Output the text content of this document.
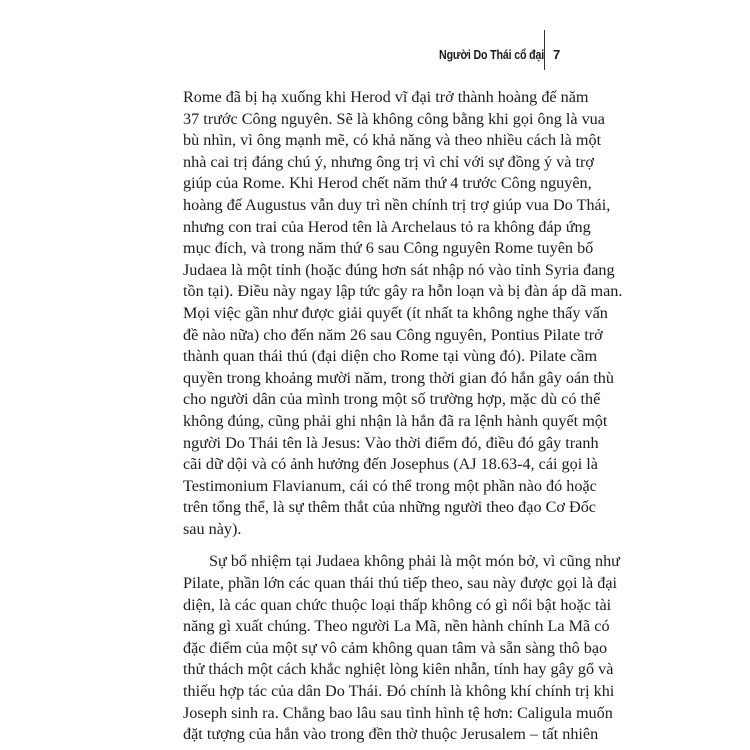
Người Do Thái cổ đại 7
Rome đã bị hạ xuống khi Herod vĩ đại trở thành hoàng đế năm
37 trước Công nguyên. Sẽ là không công bằng khi gọi ông là vua
bù nhìn, vì ông mạnh mẽ, có khả năng và theo nhiều cách là một
nhà cai trị đáng chú ý, nhưng ông trị vì chỉ với sự đồng ý và trợ
giúp của Rome. Khi Herod chết năm thứ 4 trước Công nguyên,
hoàng đế Augustus vẫn duy trì nền chính trị trợ giúp vua Do Thái,
nhưng con trai của Herod tên là Archelaus tỏ ra không đáp ứng
mục đích, và trong năm thứ 6 sau Công nguyên Rome tuyên bố
Judaea là một tỉnh (hoặc đúng hơn sát nhập nó vào tỉnh Syria đang
tồn tại). Điều này ngay lập tức gây ra hỗn loạn và bị đàn áp dã man.
Mọi việc gần như được giải quyết (ít nhất ta không nghe thấy vấn
đề nào nữa) cho đến năm 26 sau Công nguyên, Pontius Pilate trở
thành quan thái thú (đại diện cho Rome tại vùng đó). Pilate cầm
quyền trong khoảng mười năm, trong thời gian đó hắn gây oán thù
cho người dân của mình trong một số trường hợp, mặc dù có thể
không đúng, cũng phải ghi nhận là hắn đã ra lệnh hành quyết một
người Do Thái tên là Jesus: Vào thời điểm đó, điều đó gây tranh
cãi dữ dội và có ảnh hưởng đến Josephus (AJ 18.63-4, cái gọi là
Testimonium Flavianum, cái có thể trong một phần nào đó hoặc
trên tổng thể, là sự thêm thắt của những người theo đạo Cơ Đốc
sau này).
Sự bổ nhiệm tại Judaea không phải là một món bở, vì cũng như
Pilate, phần lớn các quan thái thú tiếp theo, sau này được gọi là đại
diện, là các quan chức thuộc loại thấp không có gì nổi bật hoặc tài
năng gì xuất chúng. Theo người La Mã, nền hành chính La Mã có
đặc điểm của một sự vô cảm không quan tâm và sẵn sàng thô bạo
thử thách một cách khắc nghiệt lòng kiên nhẫn, tính hay gây gổ và
thiếu hợp tác của dân Do Thái. Đó chính là không khí chính trị khi
Joseph sinh ra. Chẳng bao lâu sau tình hình tệ hơn: Caligula muốn
đặt tượng của hắn vào trong đền thờ thuộc Jerusalem – tất nhiên
